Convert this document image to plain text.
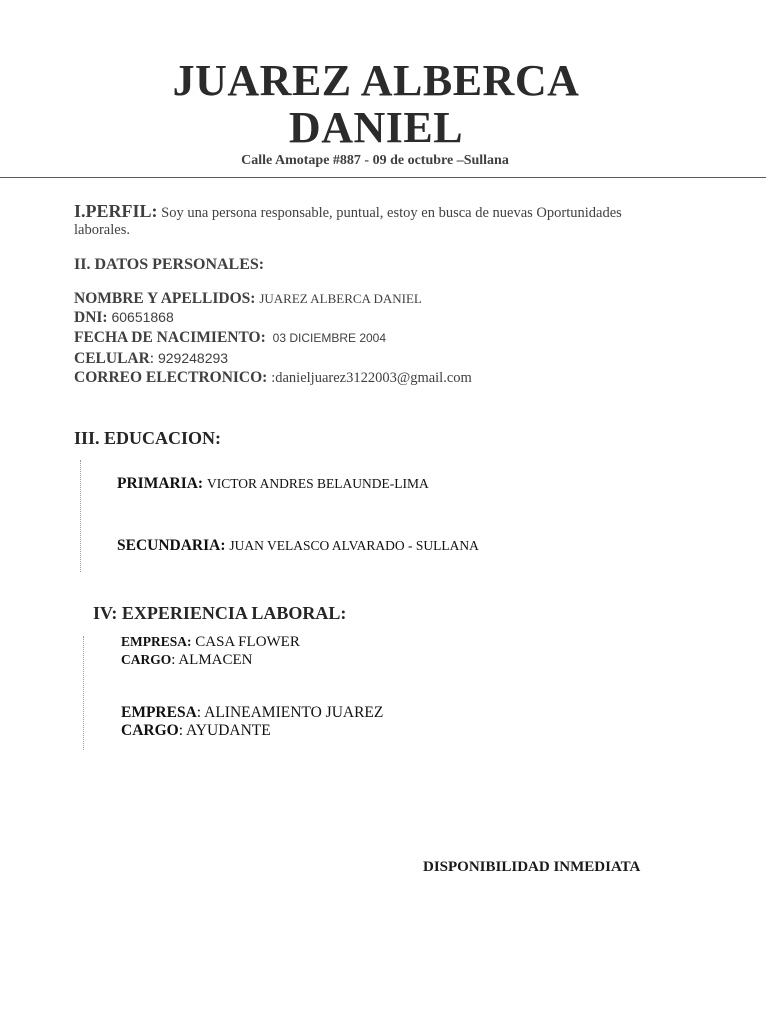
JUAREZ ALBERCA
DANIEL
Calle Amotape #887 - 09 de octubre –Sullana
I.PERFIL: Soy una persona responsable, puntual, estoy en busca de nuevas Oportunidades laborales.
II. DATOS PERSONALES:
NOMBRE Y APELLIDOS: JUAREZ ALBERCA DANIEL
DNI: 60651868
FECHA DE NACIMIENTO: 03 DICIEMBRE 2004
CELULAR: 929248293
CORREO ELECTRONICO: :danieljuarez3122003@gmail.com
III. EDUCACION:
PRIMARIA: VICTOR ANDRES BELAUNDE-LIMA
SECUNDARIA: JUAN VELASCO ALVARADO - SULLANA
IV: EXPERIENCIA LABORAL:
EMPRESA: CASA FLOWER
CARGO: ALMACEN
EMPRESA: ALINEAMIENTO JUAREZ
CARGO: AYUDANTE
DISPONIBILIDAD INMEDIATA
